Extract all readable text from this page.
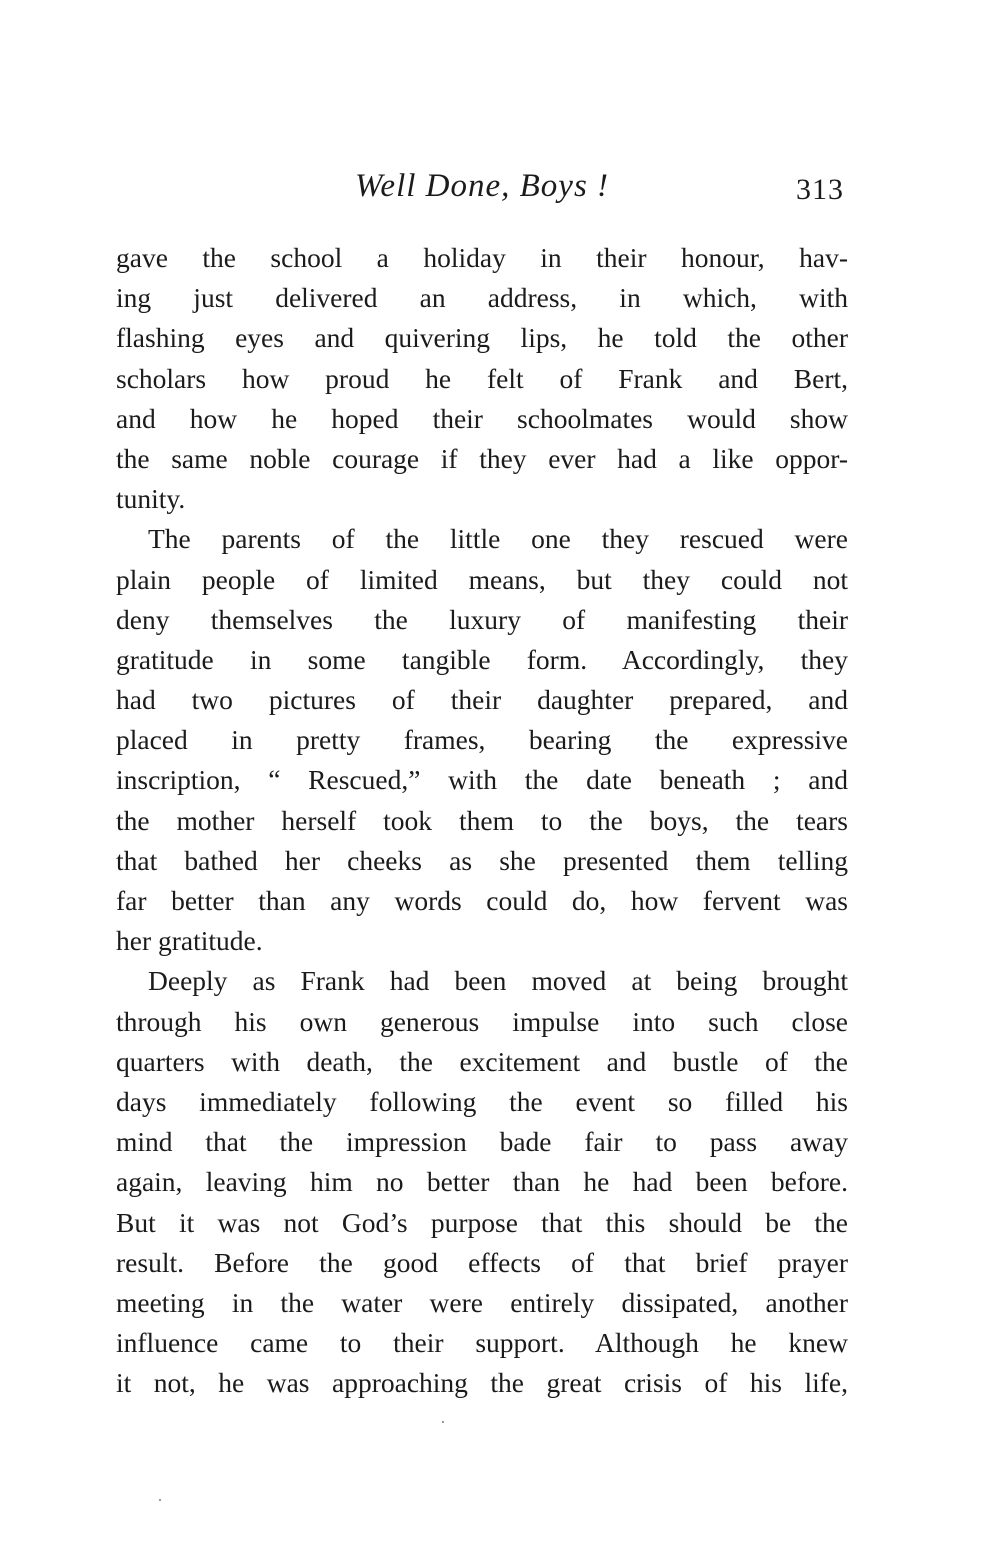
Well Done, Boys !	313
gave the school a holiday in their honour, hav-
ing just delivered an address, in which, with
flashing eyes and quivering lips, he told the other
scholars how proud he felt of Frank and Bert,
and how he hoped their schoolmates would show
the same noble courage if they ever had a like oppor-
tunity.
The parents of the little one they rescued were
plain people of limited means, but they could not
deny themselves the luxury of manifesting their
gratitude in some tangible form. Accordingly, they
had two pictures of their daughter prepared, and
placed in pretty frames, bearing the expressive
inscription, “ Rescued,” with the date beneath ; and
the mother herself took them to the boys, the tears
that bathed her cheeks as she presented them telling
far better than any words could do, how fervent was
her gratitude.
Deeply as Frank had been moved at being brought
through his own generous impulse into such close
quarters with death, the excitement and bustle of the
days immediately following the event so filled his
mind that the impression bade fair to pass away
again, leaving him no better than he had been before.
But it was not God’s purpose that this should be the
result. Before the good effects of that brief prayer
meeting in the water were entirely dissipated, another
influence came to their support. Although he knew
it not, he was approaching the great crisis of his life,
